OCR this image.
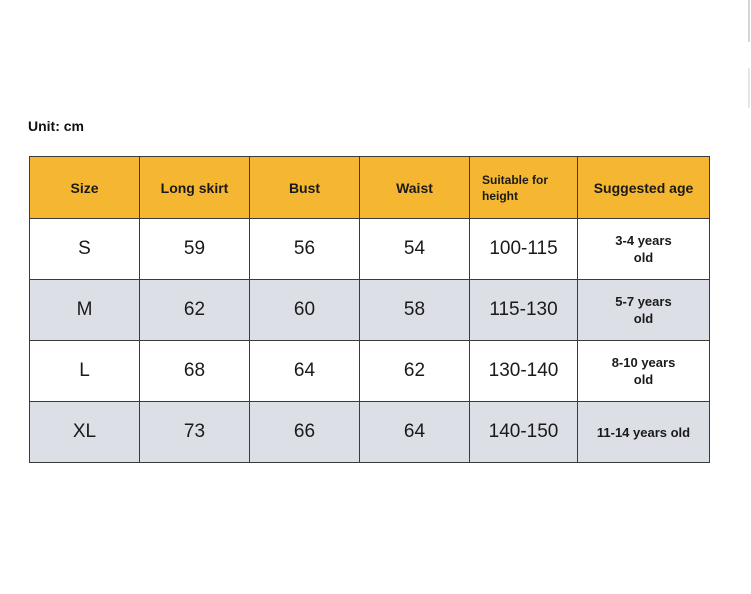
Unit: cm
Size	Long skirt	Bust	Waist	Suitable for height	Suggested age
S	59	56	54	100-115	3-4 years old
M	62	60	58	115-130	5-7 years old
L	68	64	62	130-140	8-10 years old
XL	73	66	64	140-150	11-14 years old
